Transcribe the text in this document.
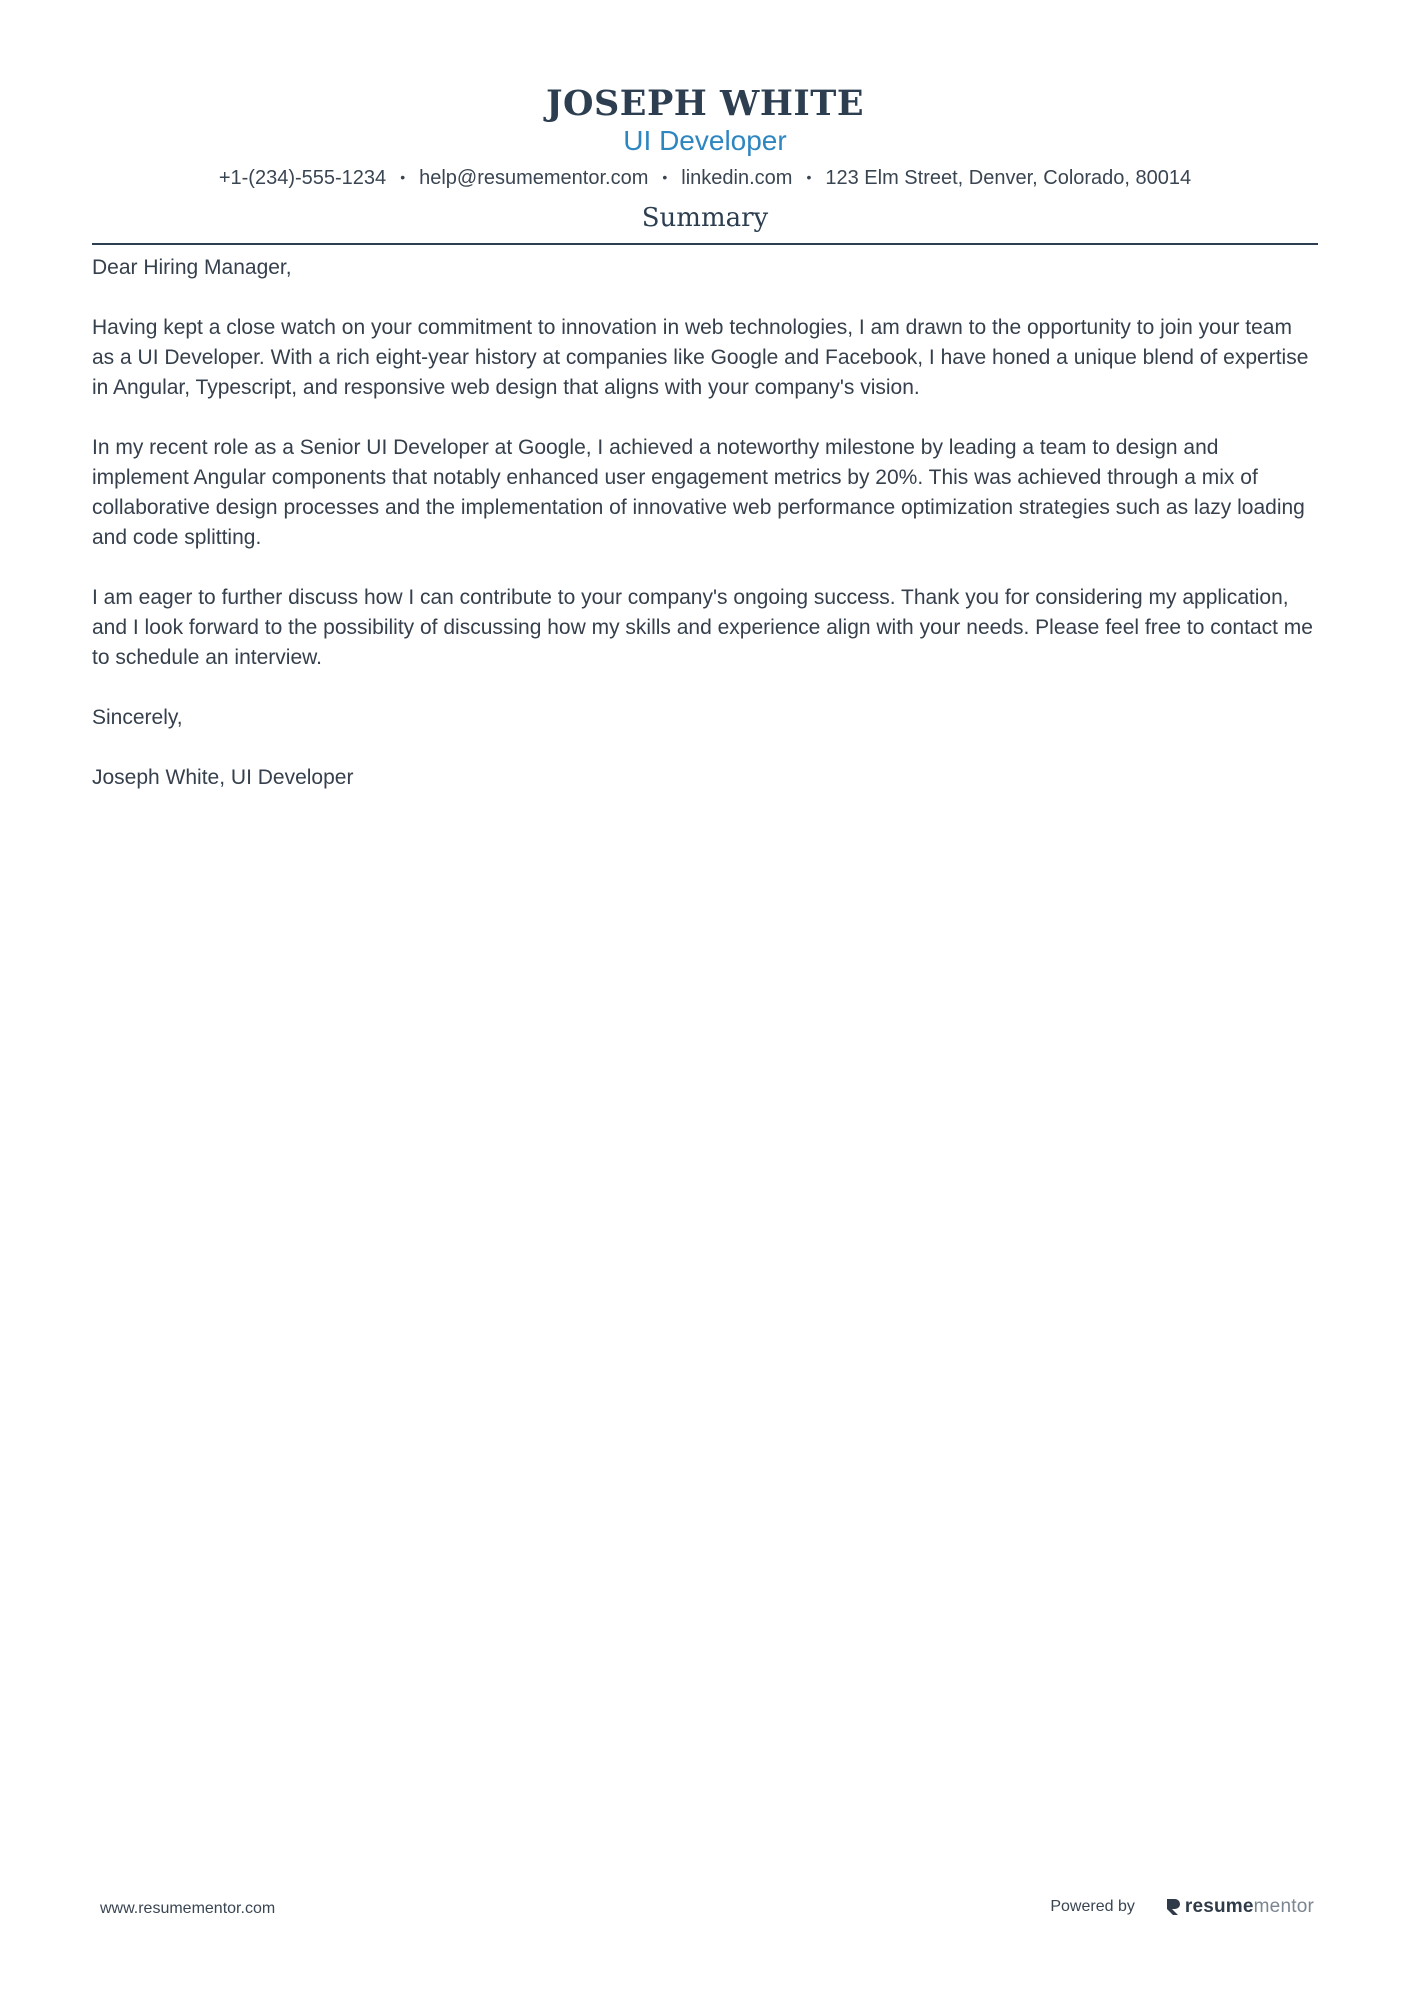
JOSEPH WHITE
UI Developer
+1-(234)-555-1234 • help@resumementor.com • linkedin.com • 123 Elm Street, Denver, Colorado, 80014
Summary

Dear Hiring Manager,

Having kept a close watch on your commitment to innovation in web technologies, I am drawn to the opportunity to join your team as a UI Developer. With a rich eight-year history at companies like Google and Facebook, I have honed a unique blend of expertise in Angular, Typescript, and responsive web design that aligns with your company's vision.

In my recent role as a Senior UI Developer at Google, I achieved a noteworthy milestone by leading a team to design and implement Angular components that notably enhanced user engagement metrics by 20%. This was achieved through a mix of collaborative design processes and the implementation of innovative web performance optimization strategies such as lazy loading and code splitting.

I am eager to further discuss how I can contribute to your company's ongoing success. Thank you for considering my application, and I look forward to the possibility of discussing how my skills and experience align with your needs. Please feel free to contact me to schedule an interview.

Sincerely,

Joseph White, UI Developer

www.resumementor.com	Powered by	resumementor
